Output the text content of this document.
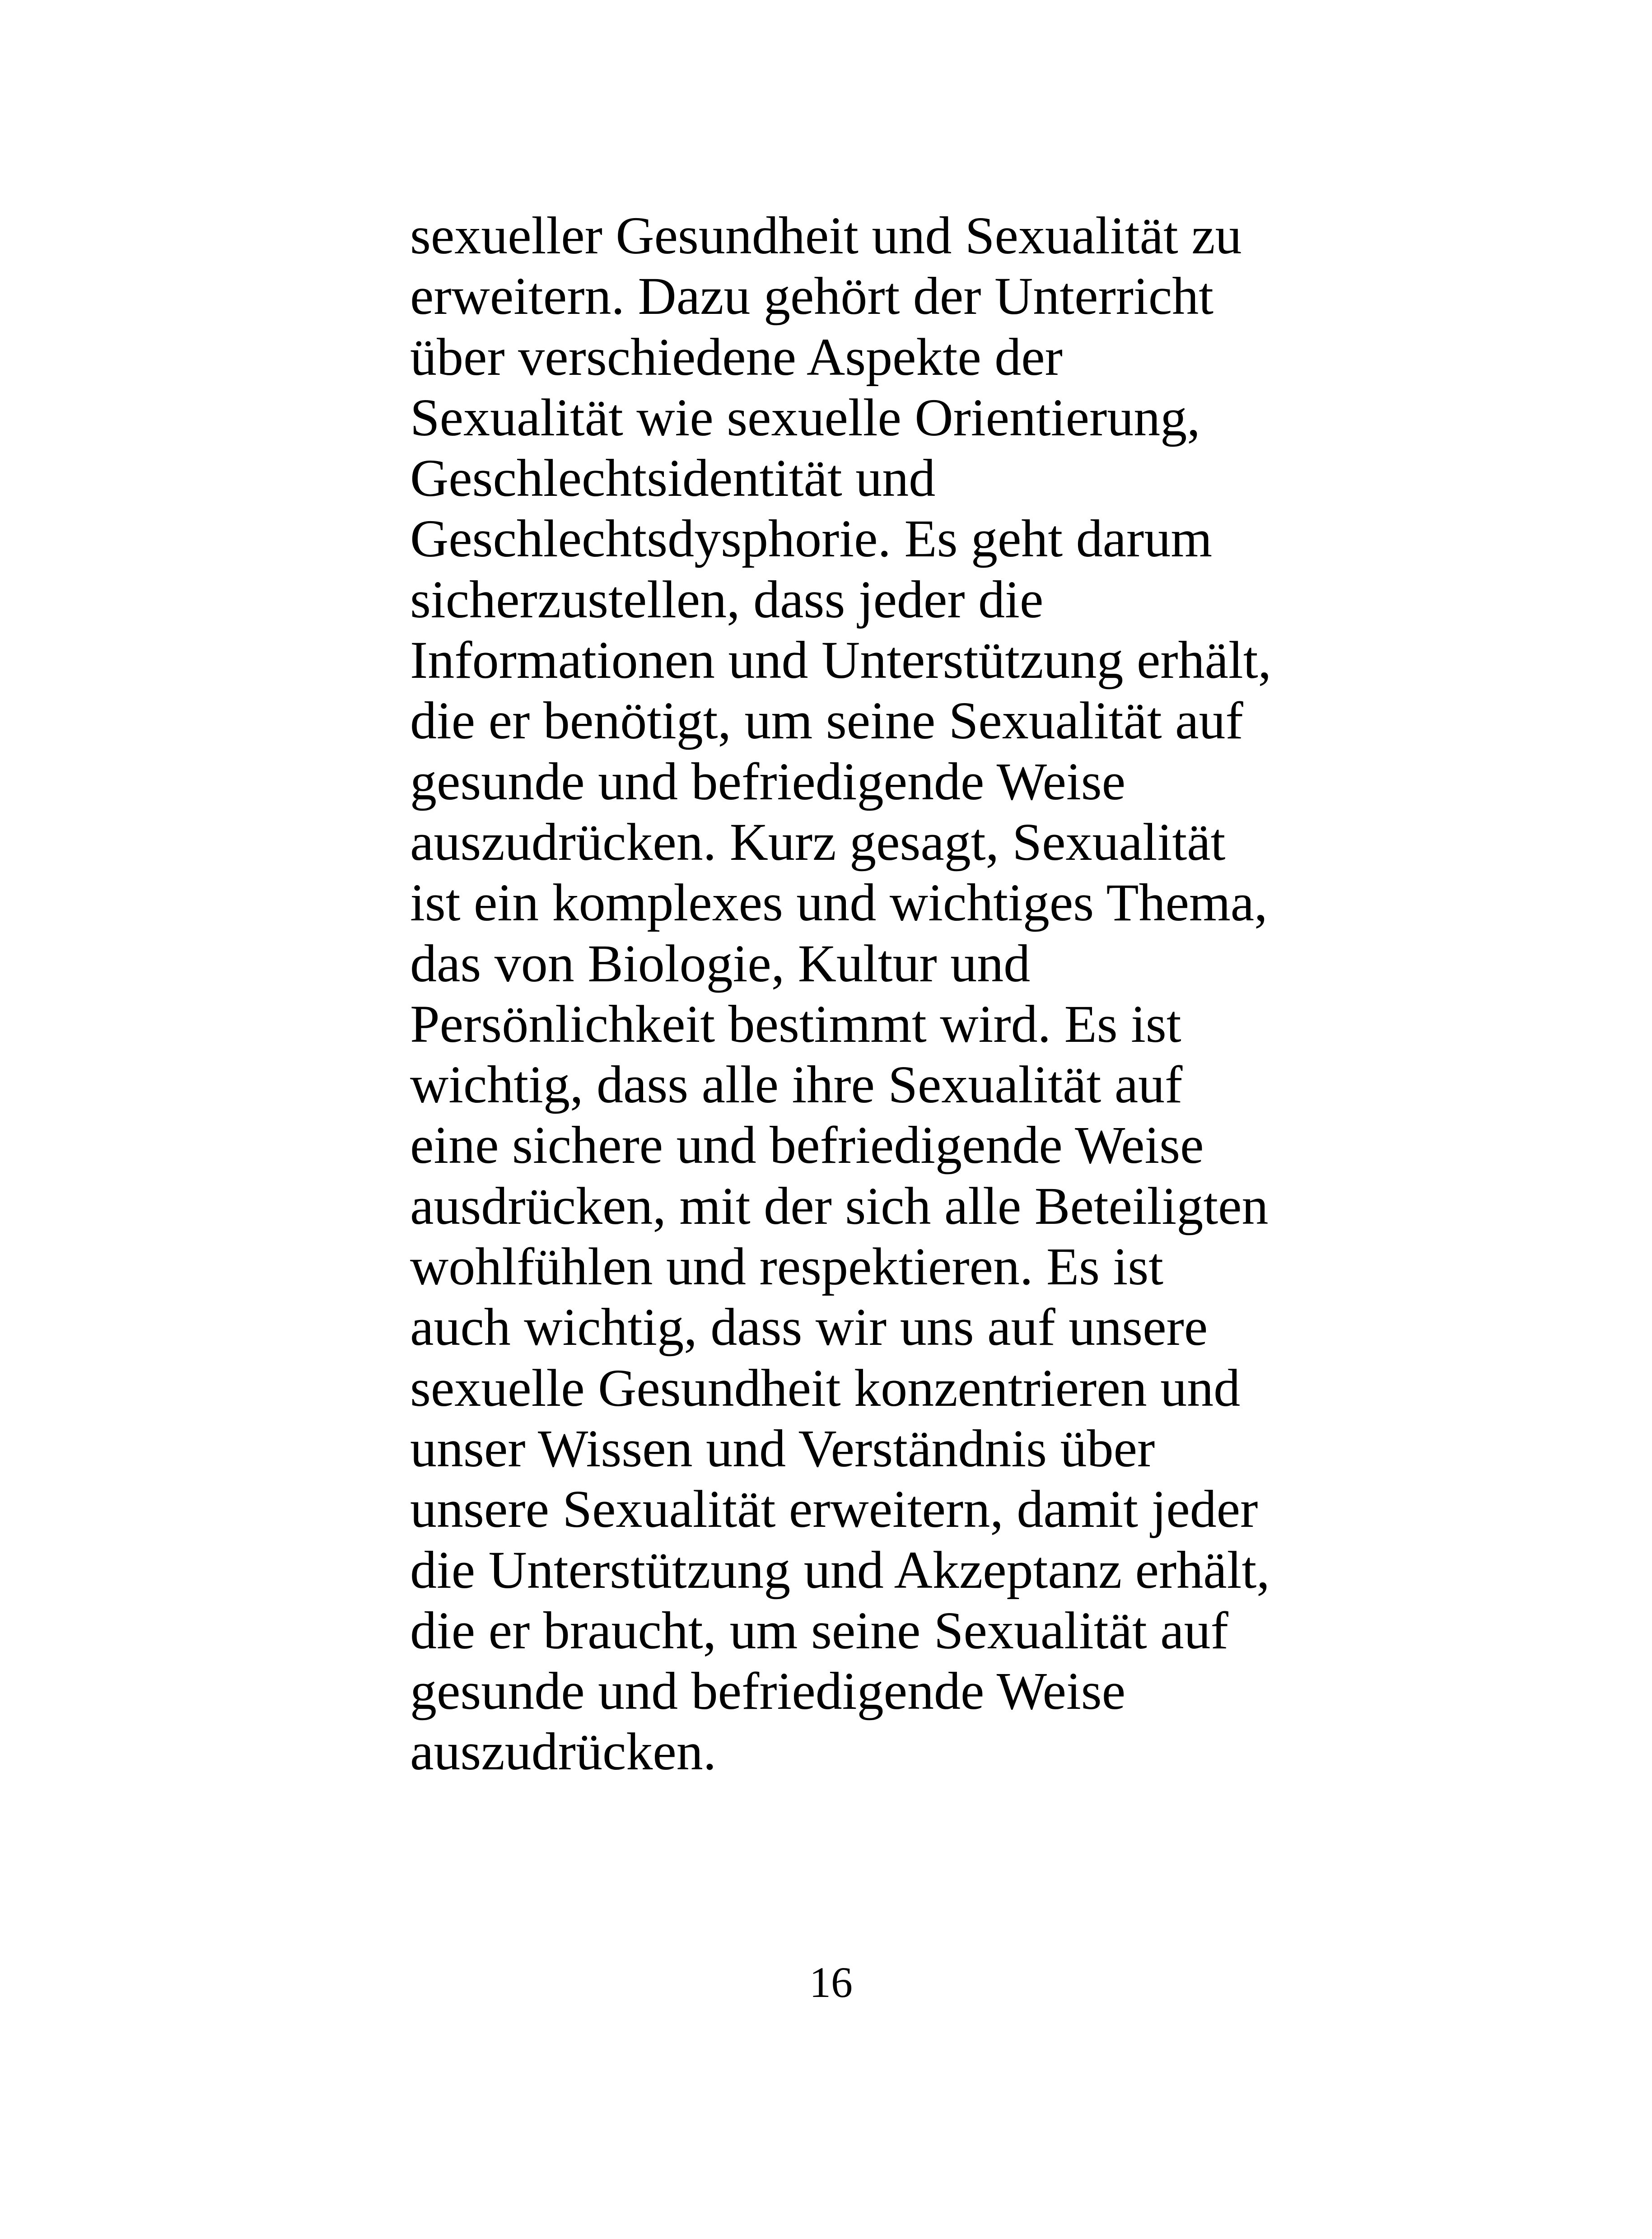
sexueller Gesundheit und Sexualität zu
erweitern. Dazu gehört der Unterricht
über verschiedene Aspekte der
Sexualität wie sexuelle Orientierung,
Geschlechtsidentität und
Geschlechtsdysphorie. Es geht darum
sicherzustellen, dass jeder die
Informationen und Unterstützung erhält,
die er benötigt, um seine Sexualität auf
gesunde und befriedigende Weise
auszudrücken. Kurz gesagt, Sexualität
ist ein komplexes und wichtiges Thema,
das von Biologie, Kultur und
Persönlichkeit bestimmt wird. Es ist
wichtig, dass alle ihre Sexualität auf
eine sichere und befriedigende Weise
ausdrücken, mit der sich alle Beteiligten
wohlfühlen und respektieren. Es ist
auch wichtig, dass wir uns auf unsere
sexuelle Gesundheit konzentrieren und
unser Wissen und Verständnis über
unsere Sexualität erweitern, damit jeder
die Unterstützung und Akzeptanz erhält,
die er braucht, um seine Sexualität auf
gesunde und befriedigende Weise
auszudrücken.
16
